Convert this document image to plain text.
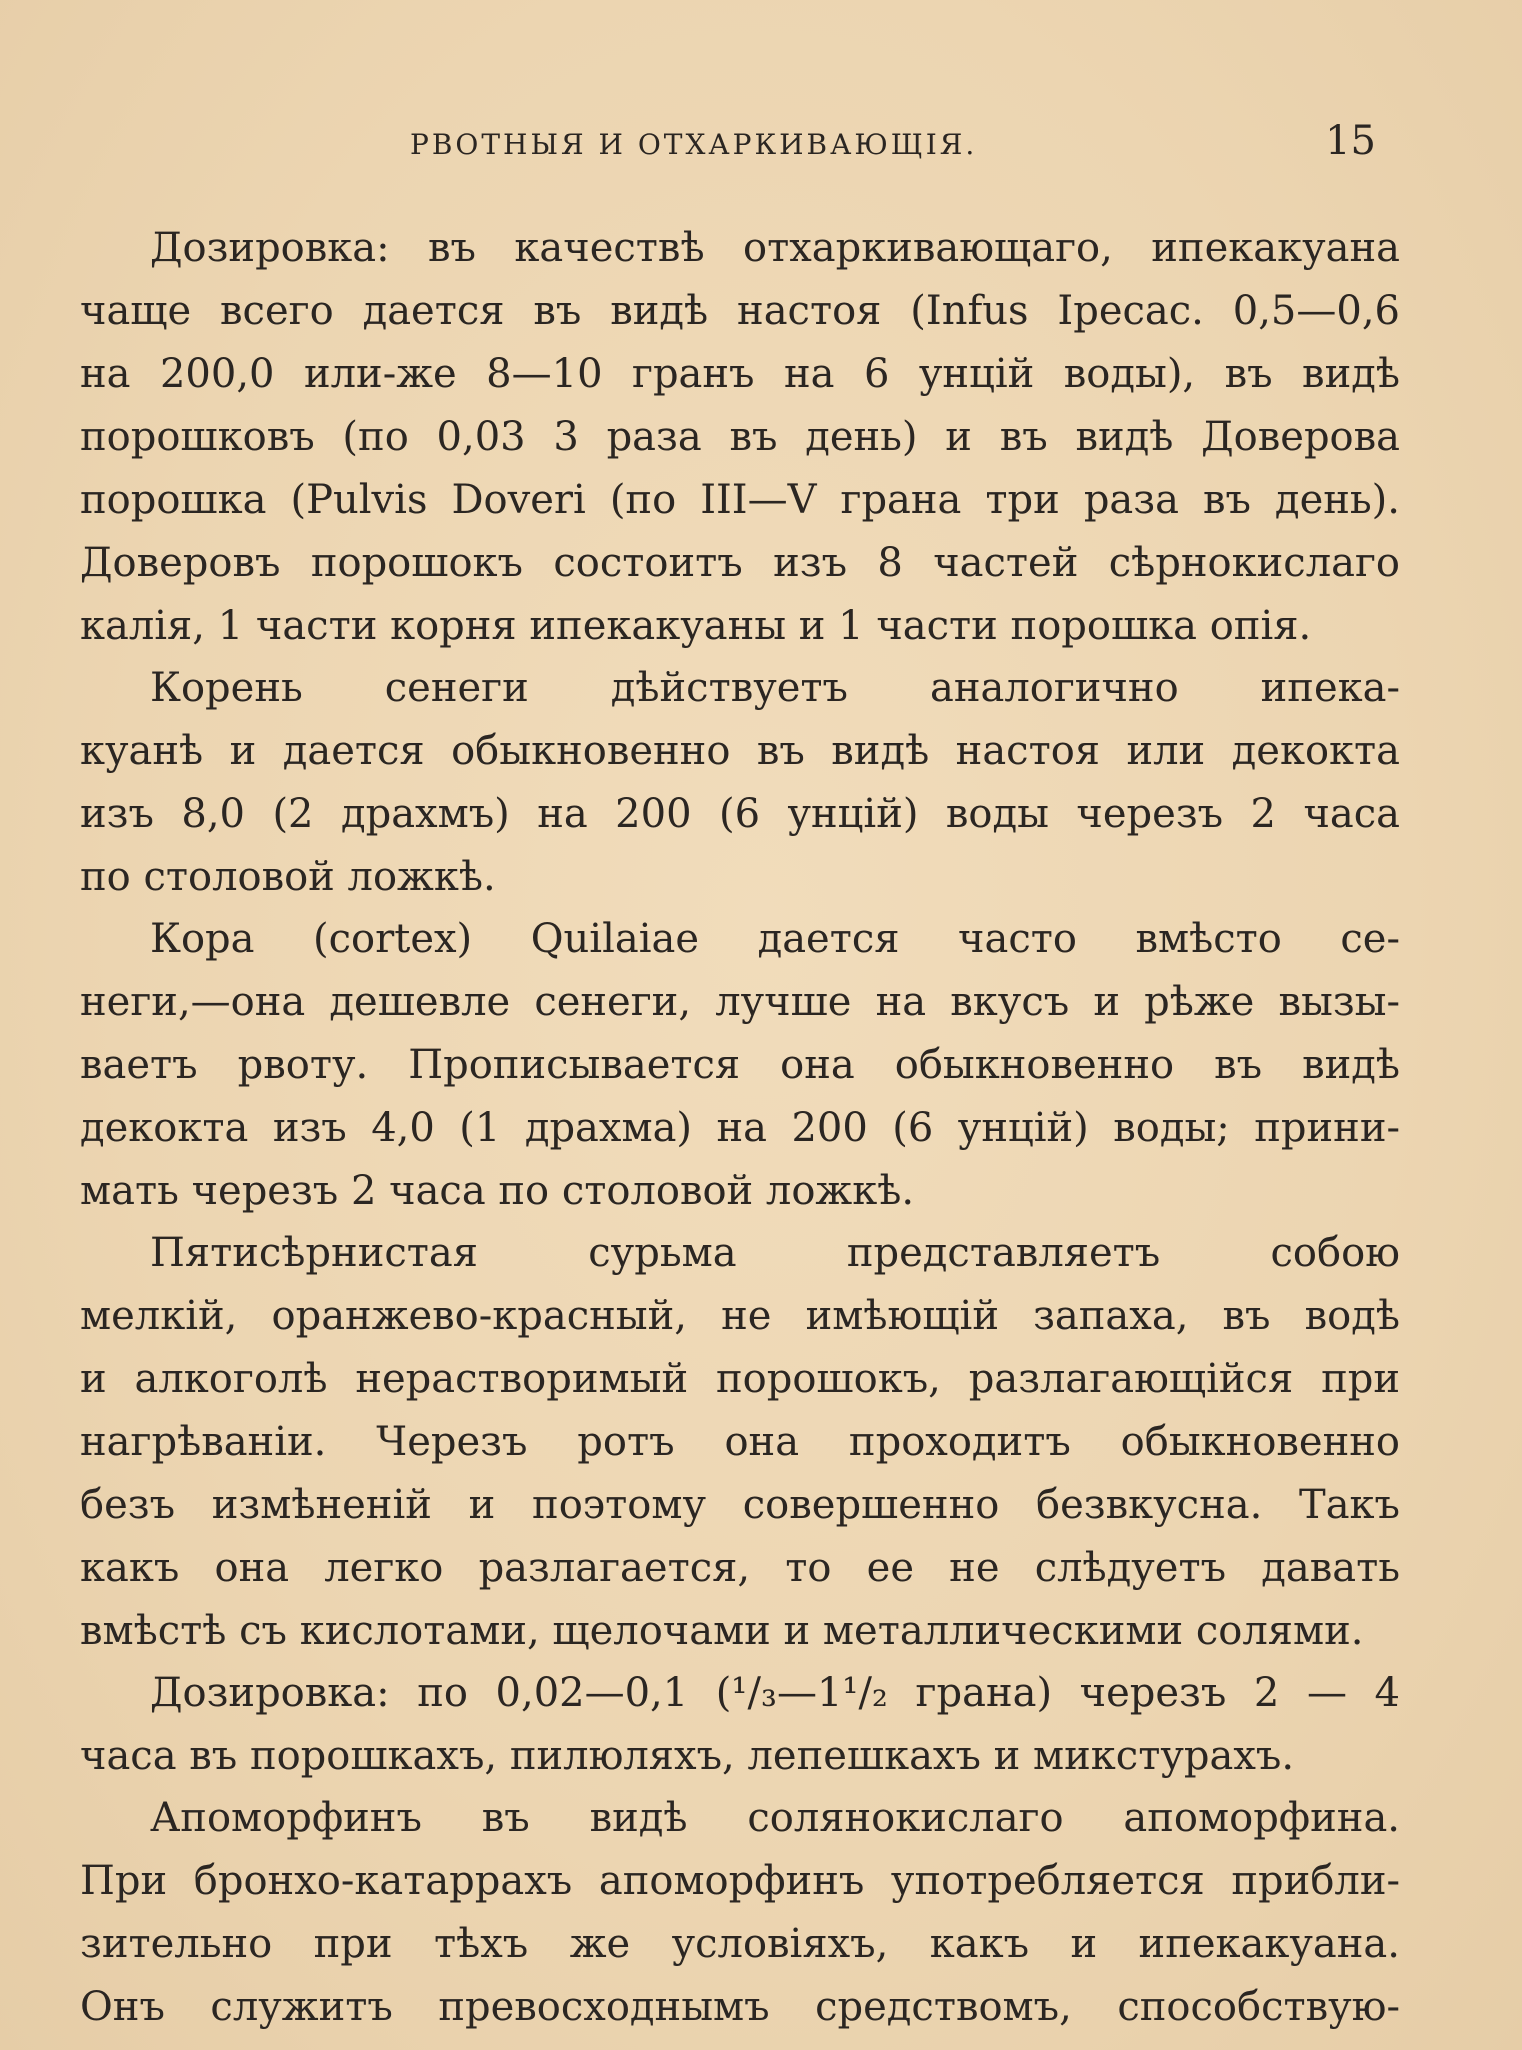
РВОТНЫЯ И ОТХАРКИВАЮЩІЯ.	15
Дозировка: въ качествѣ отхаркивающаго, ипекакуана
чаще всего дается въ видѣ настоя (Infus Ipecac. 0,5—0,6
на 200,0 или-же 8—10 гранъ на 6 унцій воды), въ видѣ
порошковъ (по 0,03 3 раза въ день) и въ видѣ Доверова
порошка (Pulvis Doveri (по III—V грана три раза въ день).
Доверовъ порошокъ состоитъ изъ 8 частей сѣрнокислаго
калія, 1 части корня ипекакуаны и 1 части порошка опія.
Корень сенеги дѣйствуетъ аналогично ипека-
куанѣ и дается обыкновенно въ видѣ настоя или декокта
изъ 8,0 (2 драхмъ) на 200 (6 унцій) воды черезъ 2 часа
по столовой ложкѣ.
Кора (cortex) Quilaiae дается часто вмѣсто се-
неги,—она дешевле сенеги, лучше на вкусъ и рѣже вызы-
ваетъ рвоту. Прописывается она обыкновенно въ видѣ
декокта изъ 4,0 (1 драхма) на 200 (6 унцій) воды; прини-
мать черезъ 2 часа по столовой ложкѣ.
Пятисѣрнистая сурьма представляетъ собою
мелкій, оранжево-красный, не имѣющій запаха, въ водѣ
и алкоголѣ нерастворимый порошокъ, разлагающійся при
нагрѣваніи. Черезъ ротъ она проходитъ обыкновенно
безъ измѣненій и поэтому совершенно безвкусна. Такъ
какъ она легко разлагается, то ее не слѣдуетъ давать
вмѣстѣ съ кислотами, щелочами и металлическими солями.
Дозировка: по 0,02—0,1 (¹/₃—1¹/₂ грана) черезъ 2 — 4
часа въ порошкахъ, пилюляхъ, лепешкахъ и микстурахъ.
Апоморфинъ въ видѣ солянокислаго апоморфина.
При бронхо-катаррахъ апоморфинъ употребляется прибли-
зительно при тѣхъ же условіяхъ, какъ и ипекакуана.
Онъ служитъ превосходнымъ средствомъ, способствую-
